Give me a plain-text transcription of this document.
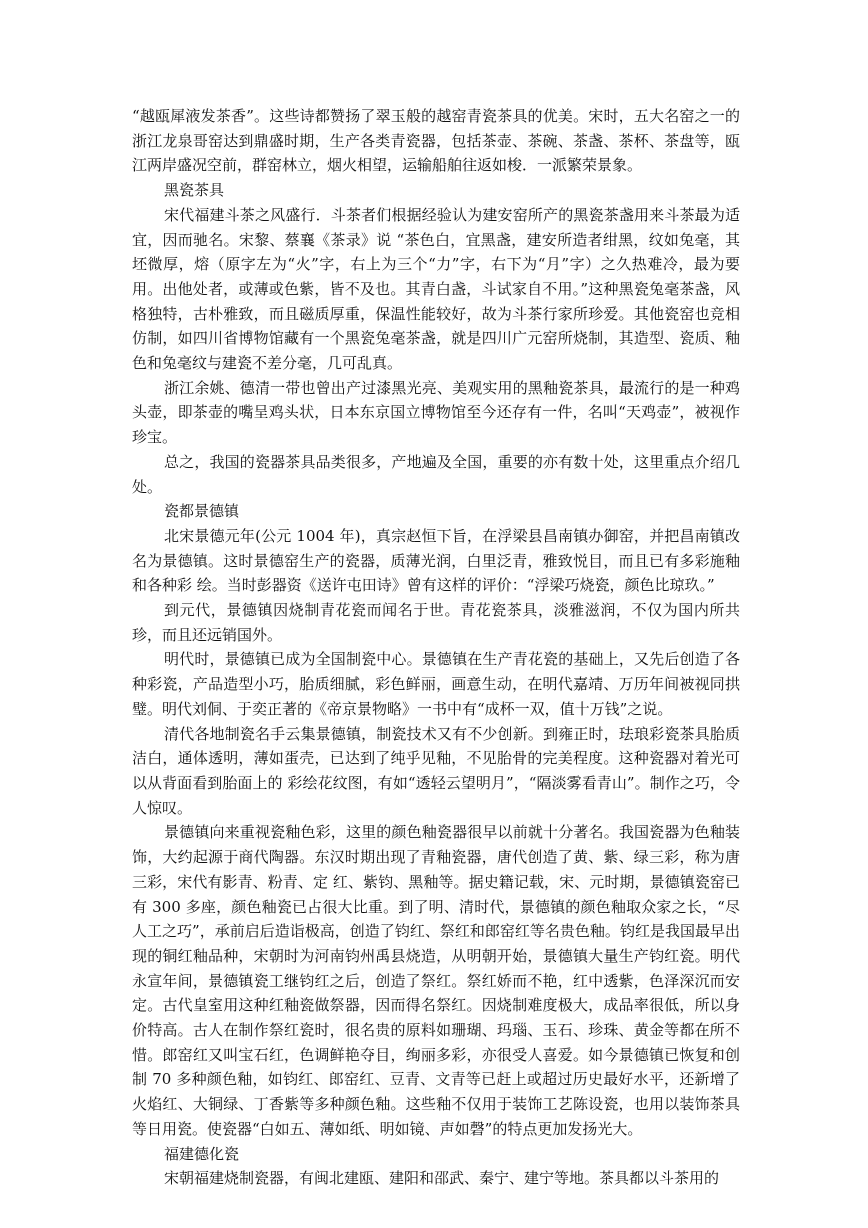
“越瓯犀液发茶香”。这些诗都赞扬了翠玉般的越窑青瓷茶具的优美。宋时，五大名窑之一的浙江龙泉哥窑达到鼎盛时期，生产各类青瓷器，包括茶壶、茶碗、茶盏、茶杯、茶盘等，瓯江两岸盛况空前，群窑林立，烟火相望，运输船舶往返如梭．一派繁荣景象。

黑瓷茶具

宋代福建斗茶之风盛行．斗茶者们根据经验认为建安窑所产的黑瓷茶盏用来斗茶最为适宜，因而驰名。宋黎、蔡襄《茶录》说 “茶色白，宜黑盏，建安所造者绀黑，纹如兔毫，其坯微厚，熔（原字左为“火”字，右上为三个“力”字，右下为“月”字）之久热难冷，最为要用。出他处者，或薄或色紫，皆不及也。其青白盏，斗试家自不用。”这种黑瓷兔毫茶盏，风格独特，古朴雅致，而且磁质厚重，保温性能较好，故为斗茶行家所珍爱。其他瓷窑也竞相仿制，如四川省博物馆藏有一个黑瓷兔毫茶盏，就是四川广元窑所烧制，其造型、瓷质、釉色和兔毫纹与建瓷不差分毫，几可乱真。

浙江余姚、德清一带也曾出产过漆黑光亮、美观实用的黑釉瓷茶具，最流行的是一种鸡头壶，即茶壶的嘴呈鸡头状，日本东京国立博物馆至今还存有一件，名叫“天鸡壶”，被视作珍宝。

总之，我国的瓷器茶具品类很多，产地遍及全国，重要的亦有数十处，这里重点介绍几处。

瓷都景德镇

北宋景德元年(公元 1004 年)，真宗赵恒下旨，在浮梁县昌南镇办御窑，并把昌南镇改名为景德镇。这时景德窑生产的瓷器，质薄光润，白里泛青，雅致悦目，而且已有多彩施釉和各种彩 绘。当时彭器资《送许屯田诗》曾有这样的评价：“浮梁巧烧瓷，颜色比琼玖。”

到元代，景德镇因烧制青花瓷而闻名于世。青花瓷茶具，淡雅滋润，不仅为国内所共珍，而且还远销国外。

明代时，景德镇已成为全国制瓷中心。景德镇在生产青花瓷的基础上，又先后创造了各种彩瓷，产品造型小巧，胎质细腻，彩色鲜丽，画意生动，在明代嘉靖、万历年间被视同拱璧。明代刘侗、于奕正著的《帝京景物略》一书中有“成杯一双，值十万钱”之说。

清代各地制瓷名手云集景德镇，制瓷技术又有不少创新。到雍正时，珐琅彩瓷茶具胎质洁白，通体透明，薄如蛋壳，已达到了纯乎见釉，不见胎骨的完美程度。这种瓷器对着光可以从背面看到胎面上的 彩绘花纹图，有如“透轻云望明月”，“隔淡雾看青山”。制作之巧，令人惊叹。

景德镇向来重视瓷釉色彩，这里的颜色釉瓷器很早以前就十分著名。我国瓷器为色釉装饰，大约起源于商代陶器。东汉时期出现了青釉瓷器，唐代创造了黄、紫、绿三彩，称为唐三彩，宋代有影青、粉青、定 红、紫钧、黑釉等。据史籍记载，宋、元时期，景德镇瓷窑已有 300 多座，颜色釉瓷已占很大比重。到了明、清时代，景德镇的颜色釉取众家之长，“尽人工之巧”，承前启后造诣极高，创造了钧红、祭红和郎窑红等名贵色釉。钧红是我国最早出现的铜红釉品种，宋朝时为河南钧州禹县烧造，从明朝开始，景德镇大量生产钧红瓷。明代永宣年间，景德镇瓷工继钧红之后，创造了祭红。祭红娇而不艳，红中透紫，色泽深沉而安定。古代皇室用这种红釉瓷做祭器，因而得名祭红。因烧制难度极大，成品率很低，所以身价特高。古人在制作祭红瓷时，很名贵的原料如珊瑚、玛瑙、玉石、珍珠、黄金等都在所不惜。郎窑红又叫宝石红，色调鲜艳夺目，绚丽多彩，亦很受人喜爱。如今景德镇已恢复和创制 70 多种颜色釉，如钧红、郎窑红、豆青、文青等已赶上或超过历史最好水平，还新增了火焰红、大铜绿、丁香紫等多种颜色釉。这些釉不仅用于装饰工艺陈设瓷，也用以装饰茶具等日用瓷。使瓷器“白如五、薄如纸、明如镜、声如磬”的特点更加发扬光大。

福建德化瓷

宋朝福建烧制瓷器，有闽北建瓯、建阳和邵武、秦宁、建宁等地。茶具都以斗茶用的
